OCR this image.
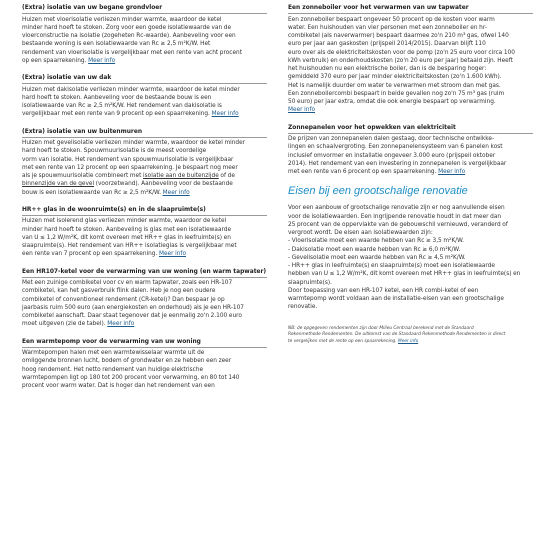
(Extra) isolatie van uw begane grondvloer
Huizen met vloerisolatie verliezen minder warmte, waardoor de ketel
minder hard hoeft te stoken. Zorg voor een goede isolatiewaarde van de
vloerconstructie na isolatie (zogeheten Rc-waarde). Aanbeveling voor een
bestaande woning is een isolatiewaarde van Rc ≥ 2,5 m²K/W. Het
rendement van vloerisolatie is vergelijkbaar met een rente van acht procent
op een spaarrekening. Meer info
(Extra) isolatie van uw dak
Huizen met dakisolatie verliezen minder warmte, waardoor de ketel minder
hard hoeft te stoken. Aanbeveling voor de bestaande bouw is een
isolatiewaarde van Rc ≥ 2,5 m²K/W. Het rendement van dakisolatie is
vergelijkbaar met een rente van 9 procent op een spaarrekening. Meer info
(Extra) isolatie van uw buitenmuren
Huizen met gevelisolatie verliezen minder warmte, waardoor de ketel minder
hard hoeft te stoken. Spouwmuurisolatie is de meest voordelige
vorm van isolatie. Het rendement van spouwmuurisolatie is vergelijkbaar
met een rente van 12 procent op een spaarrekening. Je bespaart nog meer
als je spouwmuurisolatie combineert met isolatie aan de buitenzijde of de
binnenzijde van de gevel (voorzetwand). Aanbeveling voor de bestaande
bouw is een isolatiewaarde van Rc ≥ 2,5 m²K/W. Meer info
HR++ glas in de woonruimte(s) en in de slaapruimte(s)
Huizen met isolerend glas verliezen minder warmte, waardoor de ketel
minder hard hoeft te stoken. Aanbeveling is glas met een isolatiewaarde
van U ≤ 1,2 W/m²K, dit komt overeen met HR++ glas in leefruimte(s) en
slaapruimte(s). Het rendement van HR++ isolatieglas is vergelijkbaar met
een rente van 7 procent op een spaarrekening. Meer info
Een HR107-ketel voor de verwarming van uw woning (en warm tapwater)
Met een zuinige combiketel voor cv en warm tapwater, zoals een HR-107
combiketel, kan het gasverbruik flink dalen. Heb je nog een oudere
combiketel of conventioneel rendement (CR-ketel)? Dan bespaar je op
jaarbasis ruim 500 euro (aan energiekosten en onderhoud) als je een HR-107
combiketel aanschaft. Daar staat tegenover dat je eenmalig zo'n 2.100 euro
moet uitgeven (zie de tabel). Meer info
Een warmtepomp voor de verwarming van uw woning
Warmtepompen halen met een warmtewisselaar warmte uit de
omliggende bronnen lucht, bodem of grondwater en ze hebben een zeer
hoog rendement. Het netto rendement van huidige elektrische
warmtepompen ligt op 180 tot 200 procent voor verwarming, en 80 tot 140
procent voor warm water. Dat is hoger dan het rendement van een
Een zonneboiler voor het verwarmen van uw tapwater
Een zonneboiler bespaart ongeveer 50 procent op de kosten voor warm
water. Een huishouden van vier personen met een zonneboiler en hr-
combiketel (als naverwarmer) bespaart daarmee zo'n 210 m³ gas, ofwel 140
euro per jaar aan gaskosten (prijspeil 2014/2015). Daarvan blijft 110
euro over als de elektriciteitskosten voor de pomp (zo'n 25 euro voor circa 100
kWh verbruik) en onderhoudskosten (zo'n 20 euro per jaar) betaald zijn. Heeft
het huishouden nu een elektrische boiler, dan is de besparing hoger:
gemiddeld 370 euro per jaar minder elektriciteitskosten (zo'n 1.600 kWh).
Het is namelijk duurder om water te verwarmen met stroom dan met gas.
Een zonneboilercombi bespaart in beide gevallen nog zo'n 75 m³ gas (ruim
50 euro) per jaar extra, omdat die ook energie bespaart op verwarming.
Meer info
Zonnepanelen voor het opwekken van elektriciteit
De prijzen van zonnepanelen dalen gestaag, door technische ontwikke-
lingen en schaalvergroting. Een zonnepanelensysteem van 6 panelen kost
inclusief omvormer en installatie ongeveer 3.000 euro (prijspeil oktober
2014). Het rendement van een investering in zonnepanelen is vergelijkbaar
met een rente van 6 procent op een spaarrekening. Meer info
Eisen bij een grootschalige renovatie
Voor een aanbouw of grootschalige renovatie zijn er nog aanvullende eisen
voor de isolatiewaarden. Een ingrijpende renovatie houdt in dat meer dan
25 procent van de oppervlakte van de gebouwschil vernieuwd, veranderd of
vergroot wordt. De eisen aan isolatiewaarden zijn:
- Vloerisolatie moet een waarde hebben van Rc ≥ 3,5 m²K/W.
- Dakisolatie moet een waarde hebben van Rc ≥ 6,0 m²K/W.
- Gevelisolatie moet een waarde hebben van Rc ≥ 4,5 m²K/W.
- HR++ glas in leefruimte(s) en slaapruimte(s) moet een isolatiewaarde
hebben van U ≤ 1,2 W/m²K, dit komt overeen met HR++ glas in leefruimte(s) en
slaapruimte(s).
Door toepassing van een HR-107 ketel, een HR combi-ketel of een
warmtepomp wordt voldaan aan de installatie-eisen van een grootschalige
renovatie.
NB: de opgegeven rendementen zijn door Milieu Centraal berekend met de Standaard
Rekenmethode Rendementen. De uitkomst van de Standaard Rekenmethode Rendementen is direct
te vergelijken met de rente op een spaarrekening. Meer info
